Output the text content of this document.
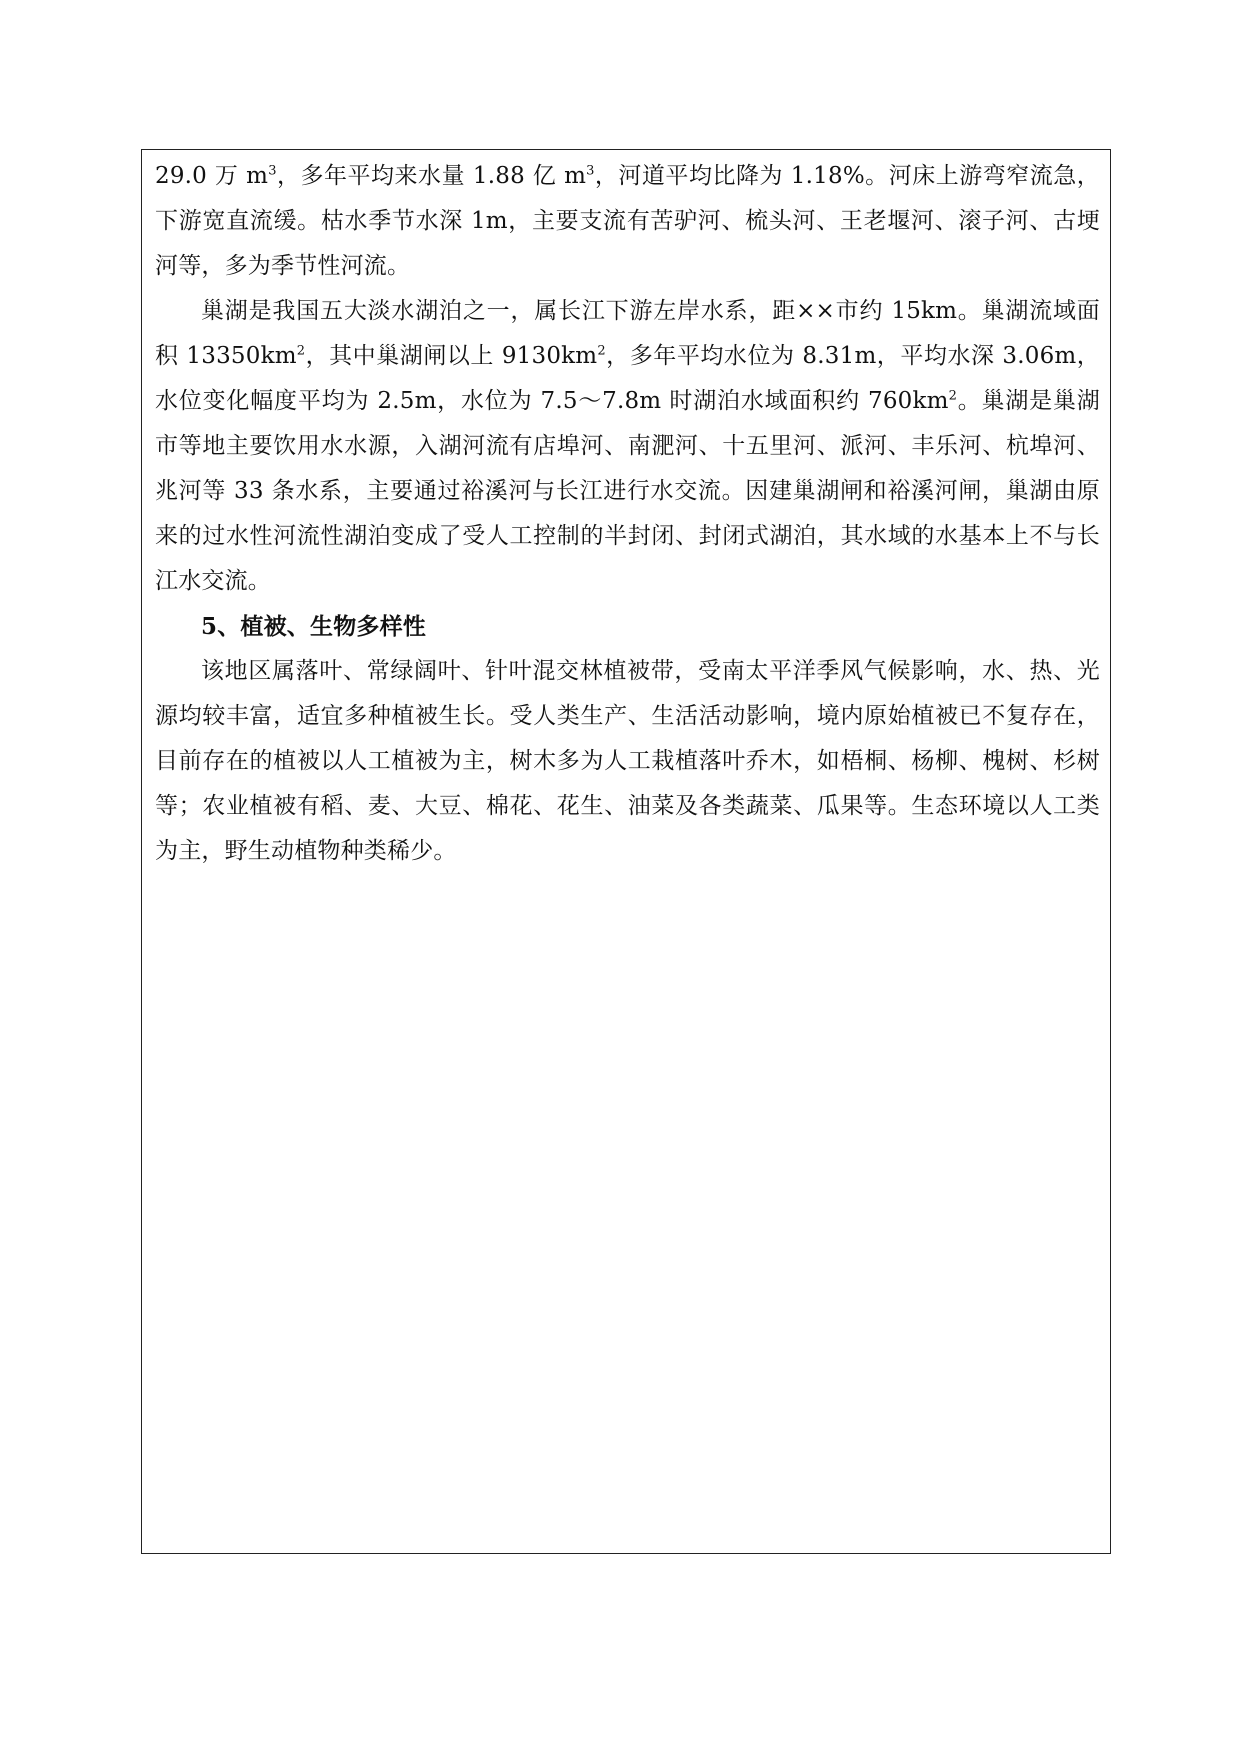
29.0 万 $m^3$，多年平均来水量 1.88 亿 $m^3$，河道平均比降为 1.18%。河床上游弯窄流急，下游宽直流缓。枯水季节水深 1m，主要支流有苦驴河、梳头河、王老堰河、滚子河、古埂河等，多为季节性河流。

巢湖是我国五大淡水湖泊之一，属长江下游左岸水系，距××市约 15km。巢湖流域面积 $13350km^2$，其中巢湖闸以上 $9130km^2$，多年平均水位为 8.31m，平均水深 3.06m，水位变化幅度平均为 2.5m，水位为 7.5～7.8m 时湖泊水域面积约 $760km^2$。巢湖是巢湖市等地主要饮用水水源，入湖河流有店埠河、南淝河、十五里河、派河、丰乐河、杭埠河、兆河等 33 条水系，主要通过裕溪河与长江进行水交流。因建巢湖闸和裕溪河闸，巢湖由原来的过水性河流性湖泊变成了受人工控制的半封闭、封闭式湖泊，其水域的水基本上不与长江水交流。

5、植被、生物多样性

该地区属落叶、常绿阔叶、针叶混交林植被带，受南太平洋季风气候影响，水、热、光源均较丰富，适宜多种植被生长。受人类生产、生活活动影响，境内原始植被已不复存在，目前存在的植被以人工植被为主，树木多为人工栽植落叶乔木，如梧桐、杨柳、槐树、杉树等；农业植被有稻、麦、大豆、棉花、花生、油菜及各类蔬菜、瓜果等。生态环境以人工类为主，野生动植物种类稀少。
